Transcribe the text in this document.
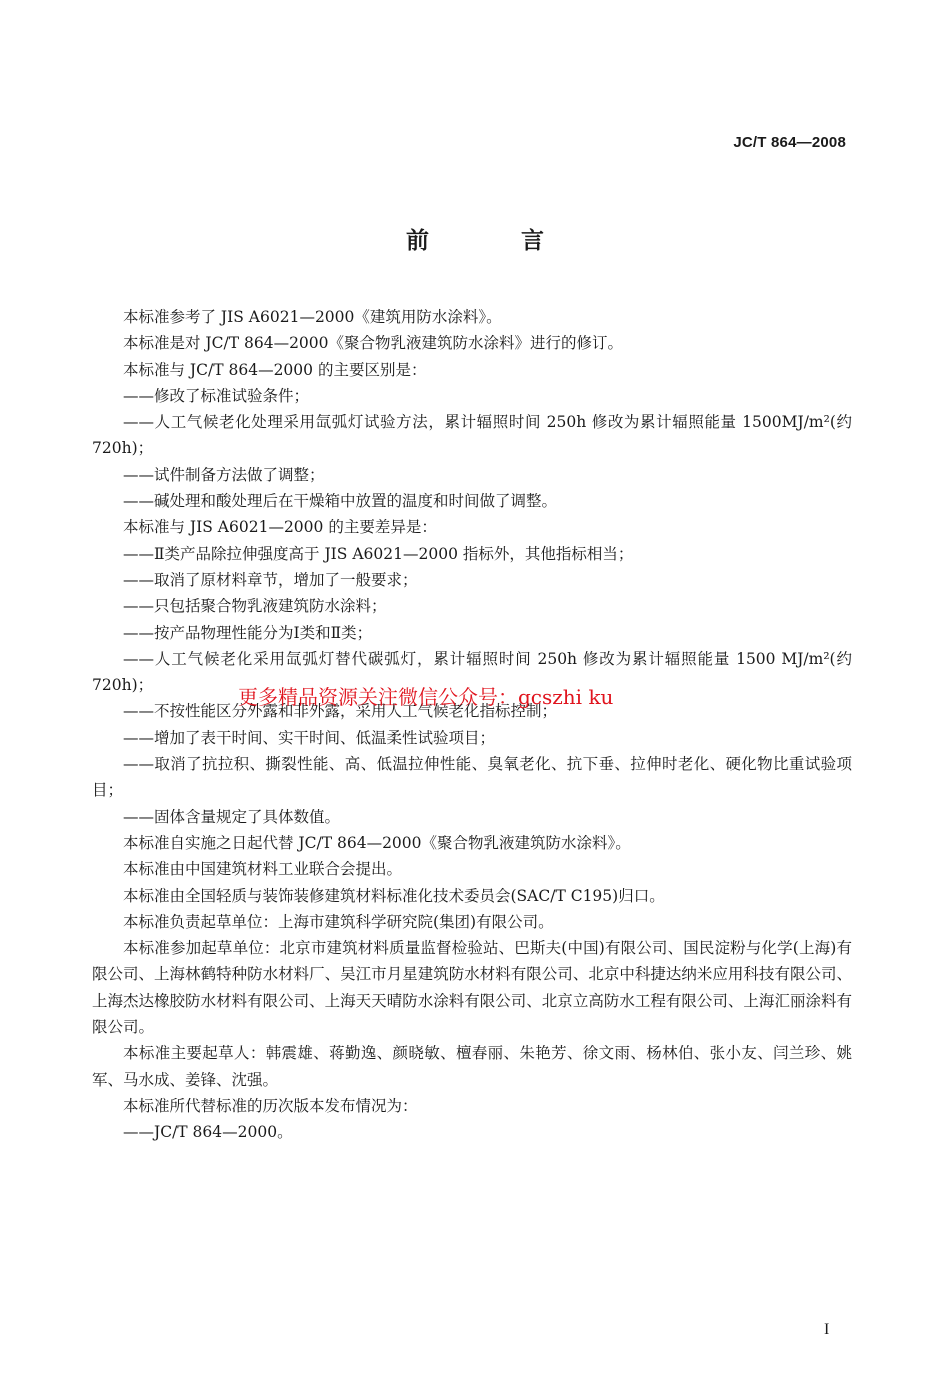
JC/T 864—2008
前 言

本标准参考了 JIS A6021—2000《建筑用防水涂料》。

本标准是对 JC/T 864—2000《聚合物乳液建筑防水涂料》进行的修订。

本标准与 JC/T 864—2000 的主要区别是：

——修改了标准试验条件；

——人工气候老化处理采用氙弧灯试验方法，累计辐照时间 250h 修改为累计辐照能量 1500MJ/m²(约 720h)；

——试件制备方法做了调整；

——碱处理和酸处理后在干燥箱中放置的温度和时间做了调整。

本标准与 JIS A6021—2000 的主要差异是：

——Ⅱ类产品除拉伸强度高于 JIS A6021—2000 指标外，其他指标相当；

——取消了原材料章节，增加了一般要求；

——只包括聚合物乳液建筑防水涂料；

——按产品物理性能分为Ⅰ类和Ⅱ类；

——人工气候老化采用氙弧灯替代碳弧灯，累计辐照时间 250h 修改为累计辐照能量 1500 MJ/m²(约 720h)；

——不按性能区分外露和非外露，采用人工气候老化指标控制；

——增加了表干时间、实干时间、低温柔性试验项目；

——取消了抗拉积、撕裂性能、高、低温拉伸性能、臭氧老化、抗下垂、拉伸时老化、硬化物比重试验项目；

——固体含量规定了具体数值。

本标准自实施之日起代替 JC/T 864—2000《聚合物乳液建筑防水涂料》。

本标准由中国建筑材料工业联合会提出。

本标准由全国轻质与装饰装修建筑材料标准化技术委员会(SAC/T C195)归口。

本标准负责起草单位：上海市建筑科学研究院(集团)有限公司。

本标准参加起草单位：北京市建筑材料质量监督检验站、巴斯夫(中国)有限公司、国民淀粉与化学(上海)有限公司、上海林鹤特种防水材料厂、吴江市月星建筑防水材料有限公司、北京中科捷达纳米应用科技有限公司、上海杰达橡胶防水材料有限公司、上海天天晴防水涂料有限公司、北京立高防水工程有限公司、上海汇丽涂料有限公司。

本标准主要起草人：韩震雄、蒋勤逸、颜晓敏、檀春丽、朱艳芳、徐文雨、杨林伯、张小友、闫兰珍、姚军、马水成、姜锋、沈强。

本标准所代替标准的历次版本发布情况为：

——JC/T 864—2000。

更多精品资源关注微信公众号：gcszhi ku
I
